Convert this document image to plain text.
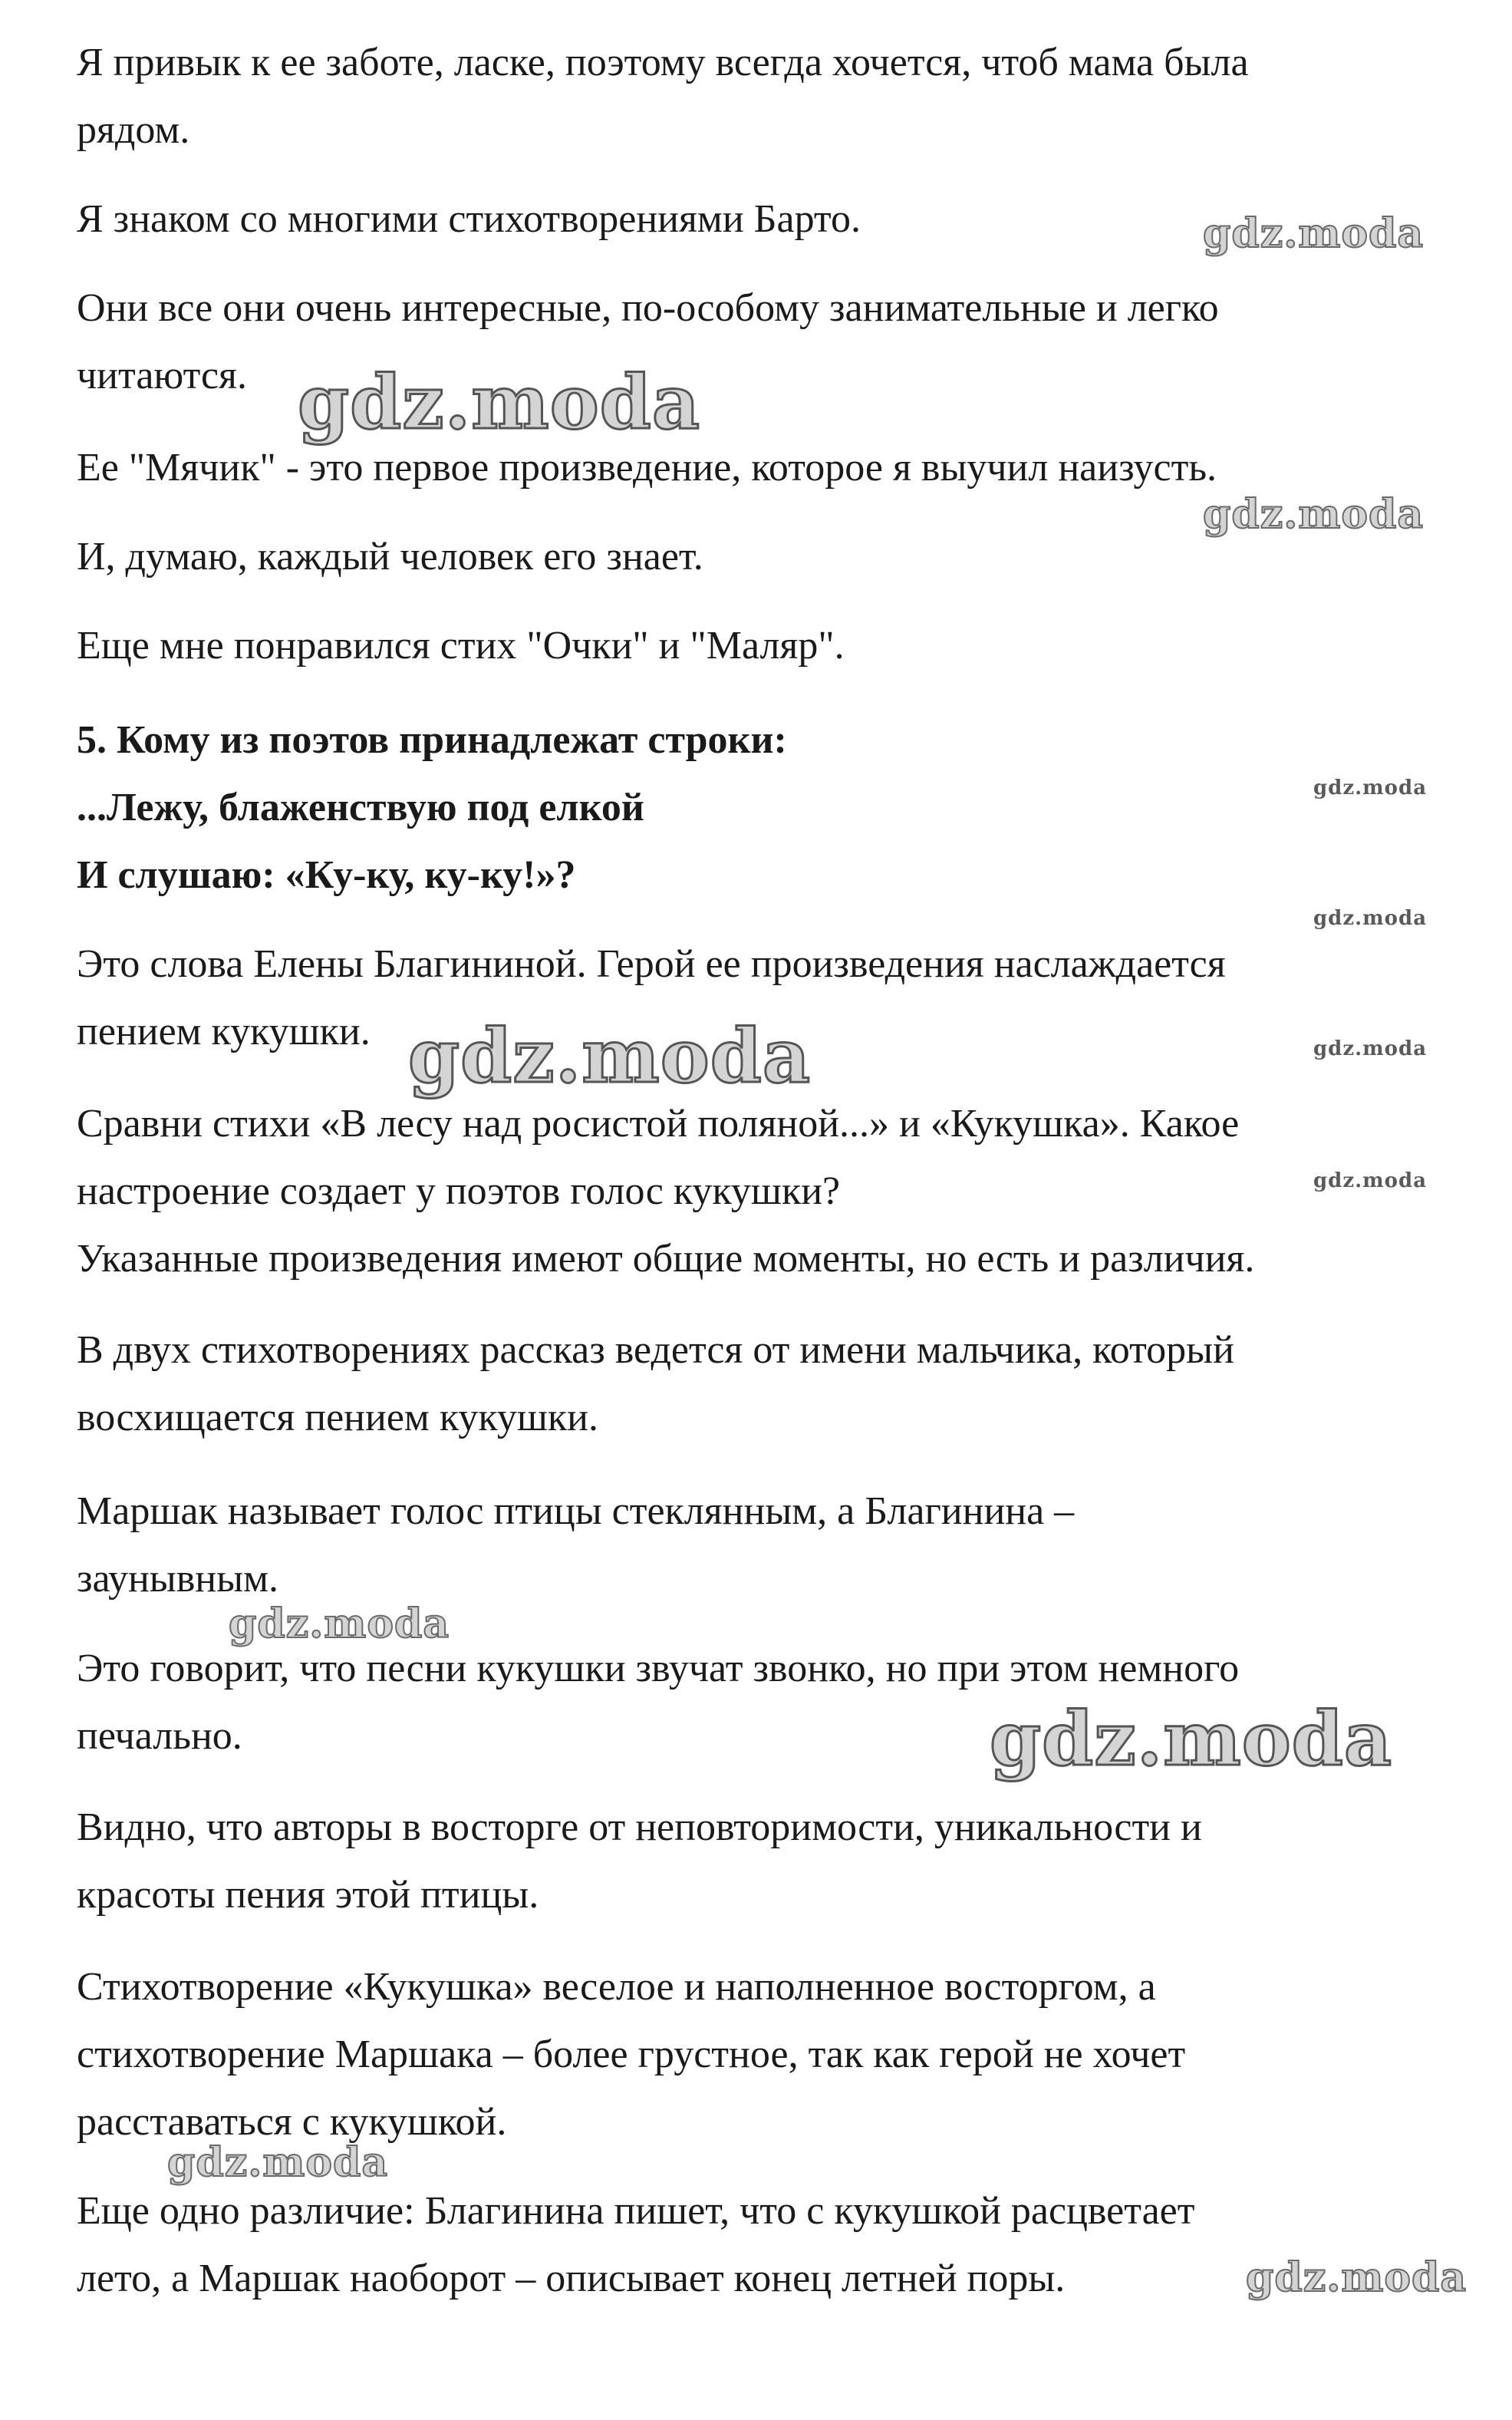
Я привык к ее заботе, ласке, поэтому всегда хочется, чтоб мама была

рядом.

Я знаком со многими стихотворениями Барто.

Они все они очень интересные, по-особому занимательные и легко

читаются.

Ее "Мячик" - это первое произведение, которое я выучил наизусть.

И, думаю, каждый человек его знает.

Еще мне понравился стих "Очки" и "Маляр".

5. Кому из поэтов принадлежат строки:

...Лежу, блаженствую под елкой

И слушаю: «Ку-ку, ку-ку!»?

Это слова Елены Благининой. Герой ее произведения наслаждается

пением кукушки.

Сравни стихи «В лесу над росистой поляной...» и «Кукушка». Какое

настроение создает у поэтов голос кукушки?

Указанные произведения имеют общие моменты, но есть и различия.

В двух стихотворениях рассказ ведется от имени мальчика, который

восхищается пением кукушки.

Маршак называет голос птицы стеклянным, а Благинина –

заунывным.

Это говорит, что песни кукушки звучат звонко, но при этом немного

печально.

Видно, что авторы в восторге от неповторимости, уникальности и

красоты пения этой птицы.

Стихотворение «Кукушка» веселое и наполненное восторгом, а

стихотворение Маршака – более грустное, так как герой не хочет

расставаться с кукушкой.

Еще одно различие: Благинина пишет, что с кукушкой расцветает

лето, а Маршак наоборот – описывает конец летней поры.

gdz.moda
gdz.moda
gdz.moda
gdz.moda
gdz.moda
gdz.moda	gdz.moda
gdz.moda
gdz.moda
gdz.moda
gdz.moda
gdz.moda
